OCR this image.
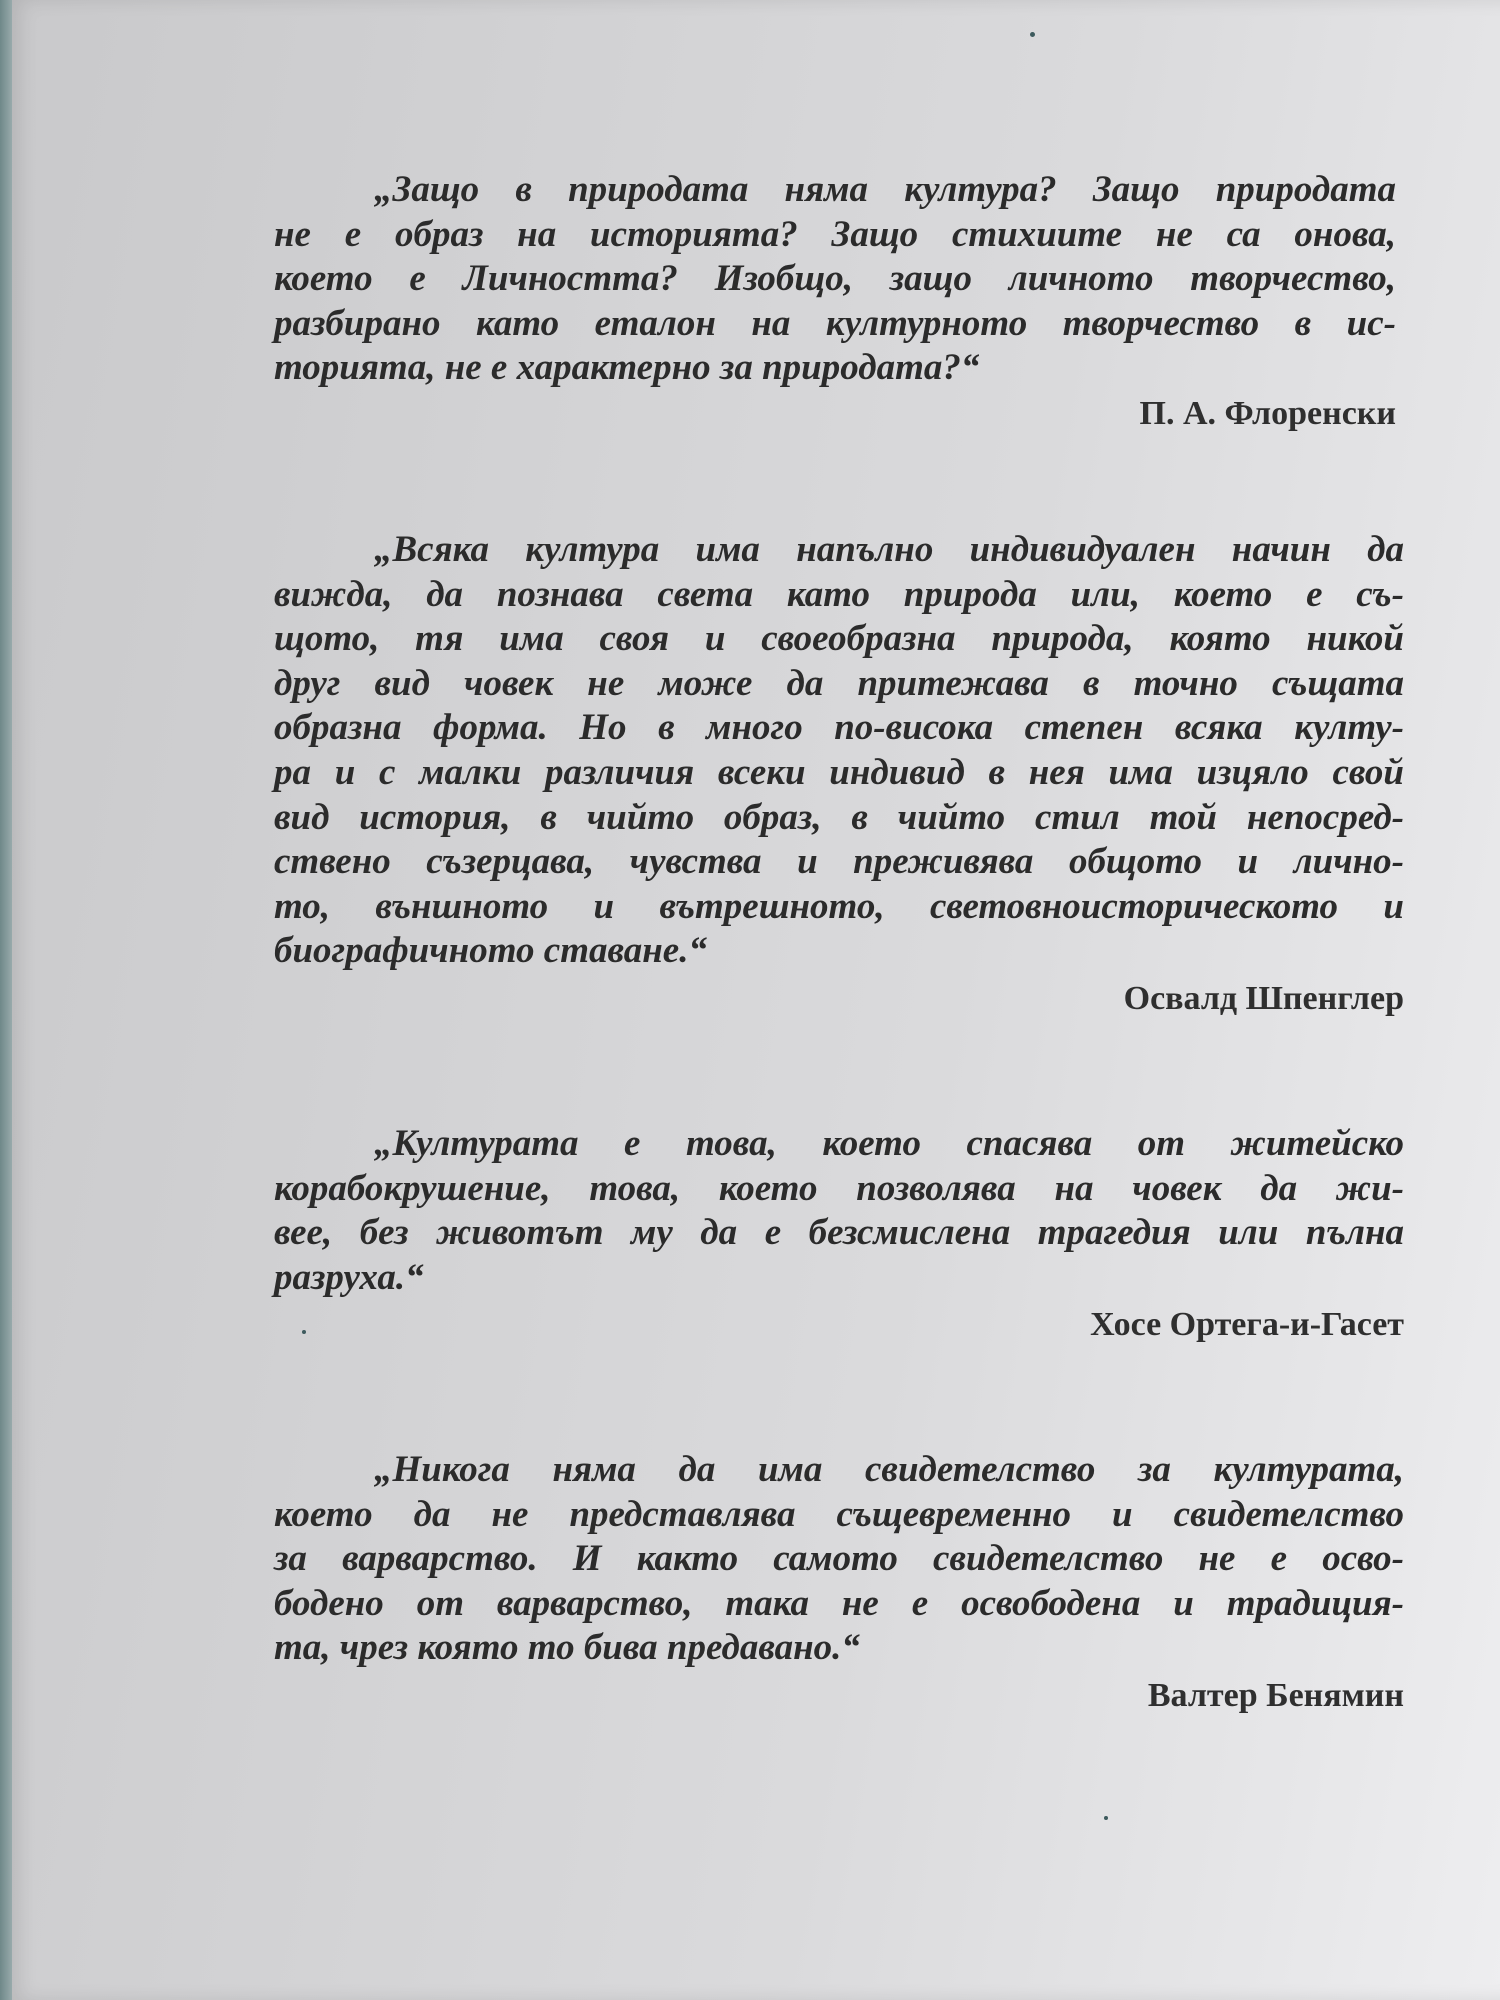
„Защо в природата няма култура? Защо природата
не е образ на историята? Защо стихиите не са онова,
което е Личността? Изобщо, защо личното творчество,
разбирано като еталон на културното творчество в ис-
торията, не е характерно за природата?“

П. А. Флоренски

„Всяка култура има напълно индивидуален начин да
вижда, да познава света като природа или, което е съ-
щото, тя има своя и своеобразна природа, която никой
друг вид човек не може да притежава в точно същата
образна форма. Но в много по-висока степен всяка култу-
ра и с малки различия всеки индивид в нея има изцяло свой
вид история, в чийто образ, в чийто стил той непосред-
ствено съзерцава, чувства и преживява общото и лично-
то, външното и вътрешното, световноисторическото и
биографичното ставане.“

Освалд Шпенглер

„Културата е това, което спасява от житейско
корабокрушение, това, което позволява на човек да жи-
вее, без животът му да е безсмислена трагедия или пълна
разруха.“

Хосе Ортега-и-Гасет

„Никога няма да има свидетелство за културата,
което да не представлява същевременно и свидетелство
за варварство. И както самото свидетелство не е осво-
бодено от варварство, така не е освободена и традиция-
та, чрез която то бива предавано.“

Валтер Бенямин
